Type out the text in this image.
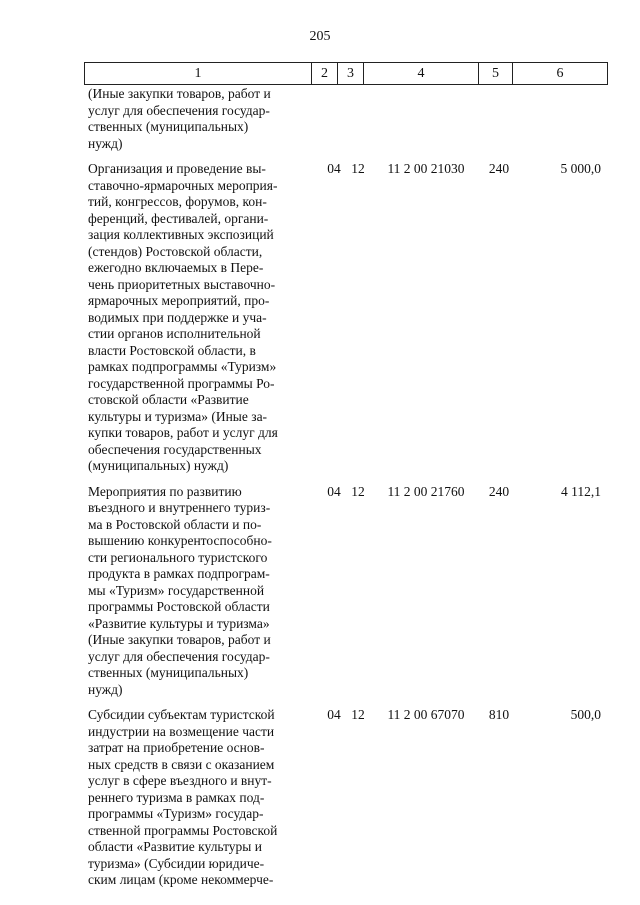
205
1	2	3	4	5	6
(Иные закупки товаров, работ и
услуг для обеспечения государ-
ственных (муниципальных)
нужд)
Организация и проведение вы-
ставочно-ярмарочных мероприя-
тий, конгрессов, форумов, кон-
ференций, фестивалей, органи-
зация коллективных экспозиций
(стендов) Ростовской области,
ежегодно включаемых в Пере-
чень приоритетных выставочно-
ярмарочных мероприятий, про-
водимых при поддержке и уча-
стии органов исполнительной
власти Ростовской области, в
рамках подпрограммы «Туризм»
государственной программы Ро-
стовской области «Развитие
культуры и туризма» (Иные за-
купки товаров, работ и услуг для
обеспечения государственных
(муниципальных) нужд)
04 12	11 2 00 21030	240	5 000,0
Мероприятия по развитию
въездного и внутреннего туриз-
ма в Ростовской области и по-
вышению конкурентоспособно-
сти регионального туристского
продукта в рамках подпрограм-
мы «Туризм» государственной
программы Ростовской области
«Развитие культуры и туризма»
(Иные закупки товаров, работ и
услуг для обеспечения государ-
ственных (муниципальных)
нужд)
04 12	11 2 00 21760	240	4 112,1
Субсидии субъектам туристской
индустрии на возмещение части
затрат на приобретение основ-
ных средств в связи с оказанием
услуг в сфере въездного и внут-
реннего туризма в рамках под-
программы «Туризм» государ-
ственной программы Ростовской
области «Развитие культуры и
туризма» (Субсидии юридиче-
ским лицам (кроме некоммерче-
04 12	11 2 00 67070	810	500,0
